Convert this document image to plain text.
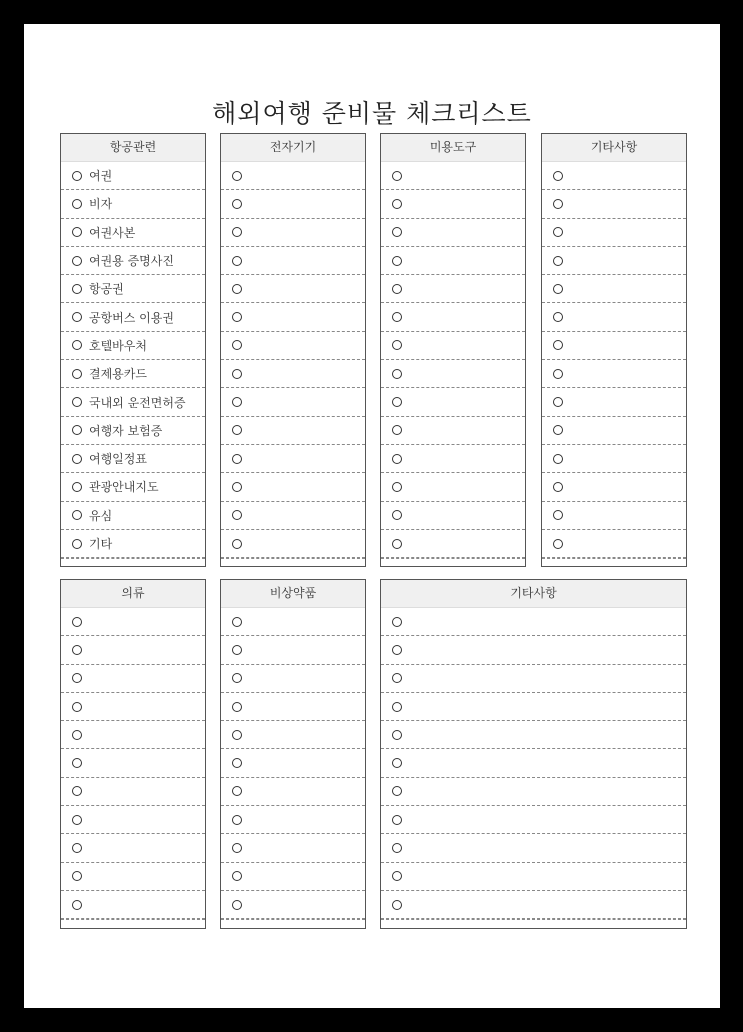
해외여행 준비물 체크리스트
항공관련
여권
비자
여권사본
여권용 증명사진
항공권
공항버스 이용권
호텔바우처
결제용카드
국내외 운전면허증
여행자 보험증
여행일정표
관광안내지도
유심
기타
전자기기	미용도구	기타사항
의류	비상약품	기타사항
